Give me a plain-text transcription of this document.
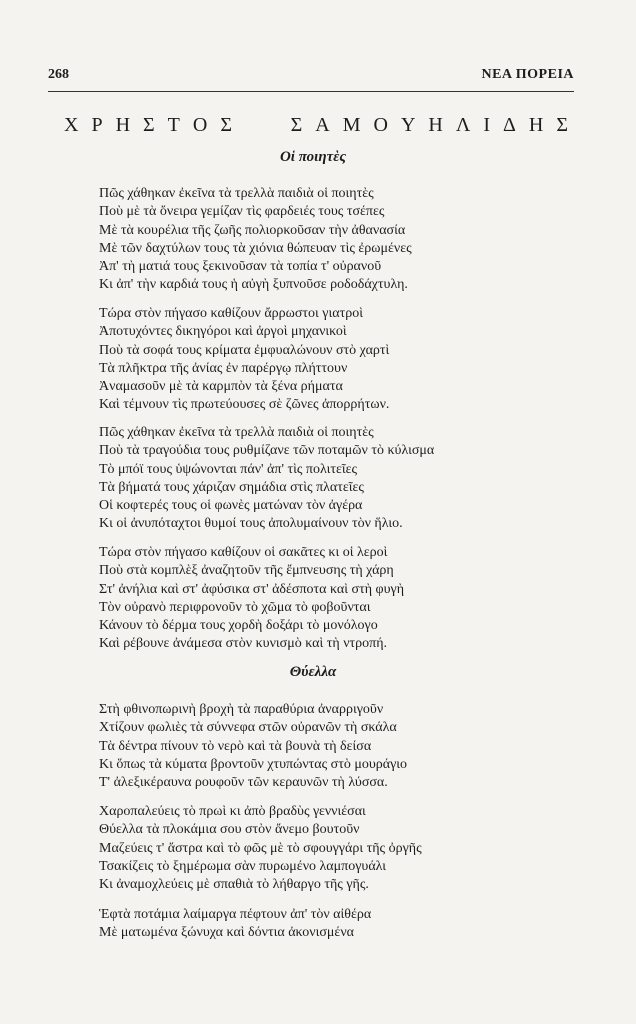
268	ΝΕΑ ΠΟΡΕΙΑ
Χ Ρ Η Σ Τ Ο Σ	Σ Α Μ Ο Υ Η Λ Ι Δ Η Σ
Οἱ ποιητὲς
Πῶς χάθηκαν ἐκεῖνα τὰ τρελλὰ παιδιὰ οἱ ποιητὲς
Ποὺ μὲ τὰ ὄνειρα γεμίζαν τὶς φαρδειές τους τσέπες
Μὲ τὰ κουρέλια τῆς ζωῆς πολιορκοῦσαν τὴν ἀθανασία
Μὲ τῶν δαχτύλων τους τὰ χιόνια θώπευαν τὶς ἐρωμένες
Ἀπ' τὴ ματιά τους ξεκινοῦσαν τὰ τοπία τ' οὐρανοῦ
Κι ἀπ' τὴν καρδιά τους ἡ αὐγὴ ξυπνοῦσε ροδοδάχτυλη.
Τώρα στὸν πήγασο καθίζουν ἄρρωστοι γιατροὶ
Ἀποτυχόντες δικηγόροι καὶ ἀργοὶ μηχανικοὶ
Ποὺ τὰ σοφά τους κρίματα ἐμφυαλώνουν στὸ χαρτὶ
Τὰ πλῆκτρα τῆς ἀνίας ἐν παρέργῳ πλήττουν
Ἀναμασοῦν μὲ τὰ καρμπὸν τὰ ξένα ρήματα
Καὶ τέμνουν τὶς πρωτεύουσες σὲ ζῶνες ἀπορρήτων.
Πῶς χάθηκαν ἐκεῖνα τὰ τρελλὰ παιδιὰ οἱ ποιητὲς
Ποὺ τὰ τραγούδια τους ρυθμίζανε τῶν ποταμῶν τὸ κύλισμα
Τὸ μπόϊ τους ὑψώνονται πάν' ἀπ' τὶς πολιτεῖες
Τὰ βήματά τους χάριζαν σημάδια στὶς πλατεῖες
Οἱ κοφτερές τους οἱ φωνὲς ματώναν τὸν ἀγέρα
Κι οἱ ἀνυπόταχτοι θυμοί τους ἀπολυμαίνουν τὸν ἥλιο.
Τώρα στὸν πήγασο καθίζουν οἱ σακᾶτες κι οἱ λεροὶ
Ποὺ στὰ κομπλὲξ ἀναζητοῦν τῆς ἔμπνευσης τὴ χάρη
Στ' ἀνήλια καὶ στ' ἀφύσικα στ' ἀδέσποτα καὶ στὴ φυγὴ
Τὸν οὐρανὸ περιφρονοῦν τὸ χῶμα τὸ φοβοῦνται
Κάνουν τὸ δέρμα τους χορδὴ δοξάρι τὸ μονόλογο
Καὶ ρέβουνε ἀνάμεσα στὸν κυνισμὸ καὶ τὴ ντροπή.
Θύελλα
Στὴ φθινοπωρινὴ βροχὴ τὰ παραθύρια ἀναρριγοῦν
Χτίζουν φωλιὲς τὰ σύννεφα στῶν οὐρανῶν τὴ σκάλα
Τὰ δέντρα πίνουν τὸ νερὸ καὶ τὰ βουνὰ τὴ δείσα
Κι ὅπως τὰ κύματα βροντοῦν χτυπώντας στὸ μουράγιο
Τ' ἀλεξικέραυνα ρουφοῦν τῶν κεραυνῶν τὴ λύσσα.
Χαροπαλεύεις τὸ πρωὶ κι ἀπὸ βραδὺς γεννιέσαι
Θύελλα τὰ πλοκάμια σου στὸν ἄνεμο βουτοῦν
Μαζεύεις τ' ἄστρα καὶ τὸ φῶς μὲ τὸ σφουγγάρι τῆς ὀργῆς
Τσακίζεις τὸ ξημέρωμα σὰν πυρωμένο λαμπογυάλι
Κι ἀναμοχλεύεις μὲ σπαθιὰ τὸ λήθαργο τῆς γῆς.
Ἑφτὰ ποτάμια λαίμαργα πέφτουν ἀπ' τὸν αἰθέρα
Μὲ ματωμένα ξώνυχα καὶ δόντια ἀκονισμένα
